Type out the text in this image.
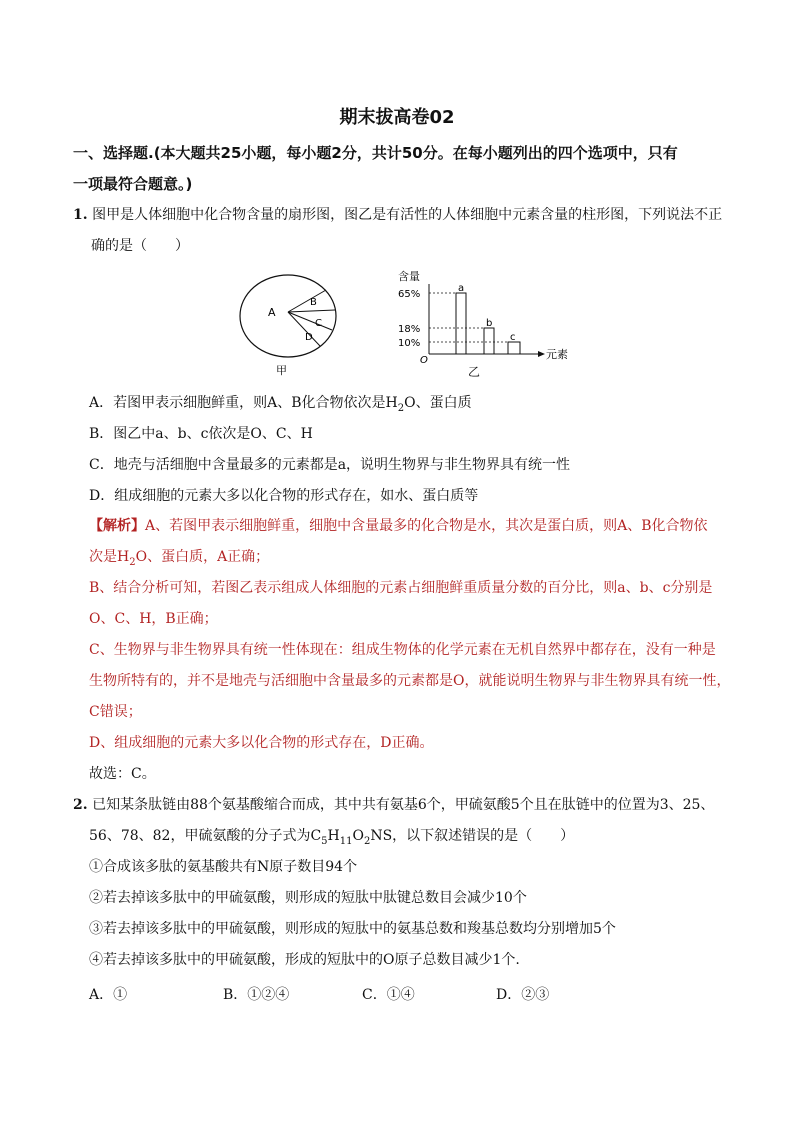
期末拔高卷02
一、选择题.(本大题共25小题，每小题2分，共计50分。在每小题列出的四个选项中，只有
一项最符合题意。)
1. 图甲是人体细胞中化合物含量的扇形图，图乙是有活性的人体细胞中元素含量的柱形图，下列说法不正
确的是（　　）
A
B
C
D
甲
含量
元素
O
65%
a
18%
b
10%
c
乙
A．若图甲表示细胞鲜重，则A、B化合物依次是$H_2O$、蛋白质
B．图乙中a、b、c依次是O、C、H
C．地壳与活细胞中含量最多的元素都是a，说明生物界与非生物界具有统一性
D．组成细胞的元素大多以化合物的形式存在，如水、蛋白质等
【解析】A、若图甲表示细胞鲜重，细胞中含量最多的化合物是水，其次是蛋白质，则A、B化合物依
次是$H_2O$、蛋白质，A正确；
B、结合分析可知，若图乙表示组成人体细胞的元素占细胞鲜重质量分数的百分比，则a、b、c分别是
O、C、H，B正确；
C、生物界与非生物界具有统一性体现在：组成生物体的化学元素在无机自然界中都存在，没有一种是
生物所特有的，并不是地壳与活细胞中含量最多的元素都是O，就能说明生物界与非生物界具有统一性，
C错误；
D、组成细胞的元素大多以化合物的形式存在，D正确。
故选：C。
2. 已知某条肽链由88个氨基酸缩合而成，其中共有氨基6个，甲硫氨酸5个且在肽链中的位置为3、25、
56、78、82，甲硫氨酸的分子式为$C_5H_{11}O_2NS$，以下叙述错误的是（　　）
①合成该多肽的氨基酸共有N原子数目94个
②若去掉该多肽中的甲硫氨酸，则形成的短肽中肽键总数目会减少10个
③若去掉该多肽中的甲硫氨酸，则形成的短肽中的氨基总数和羧基总数均分别增加5个
④若去掉该多肽中的甲硫氨酸，形成的短肽中的O原子总数目减少1个.
A．①	B．①②④	C．①④	D．②③
